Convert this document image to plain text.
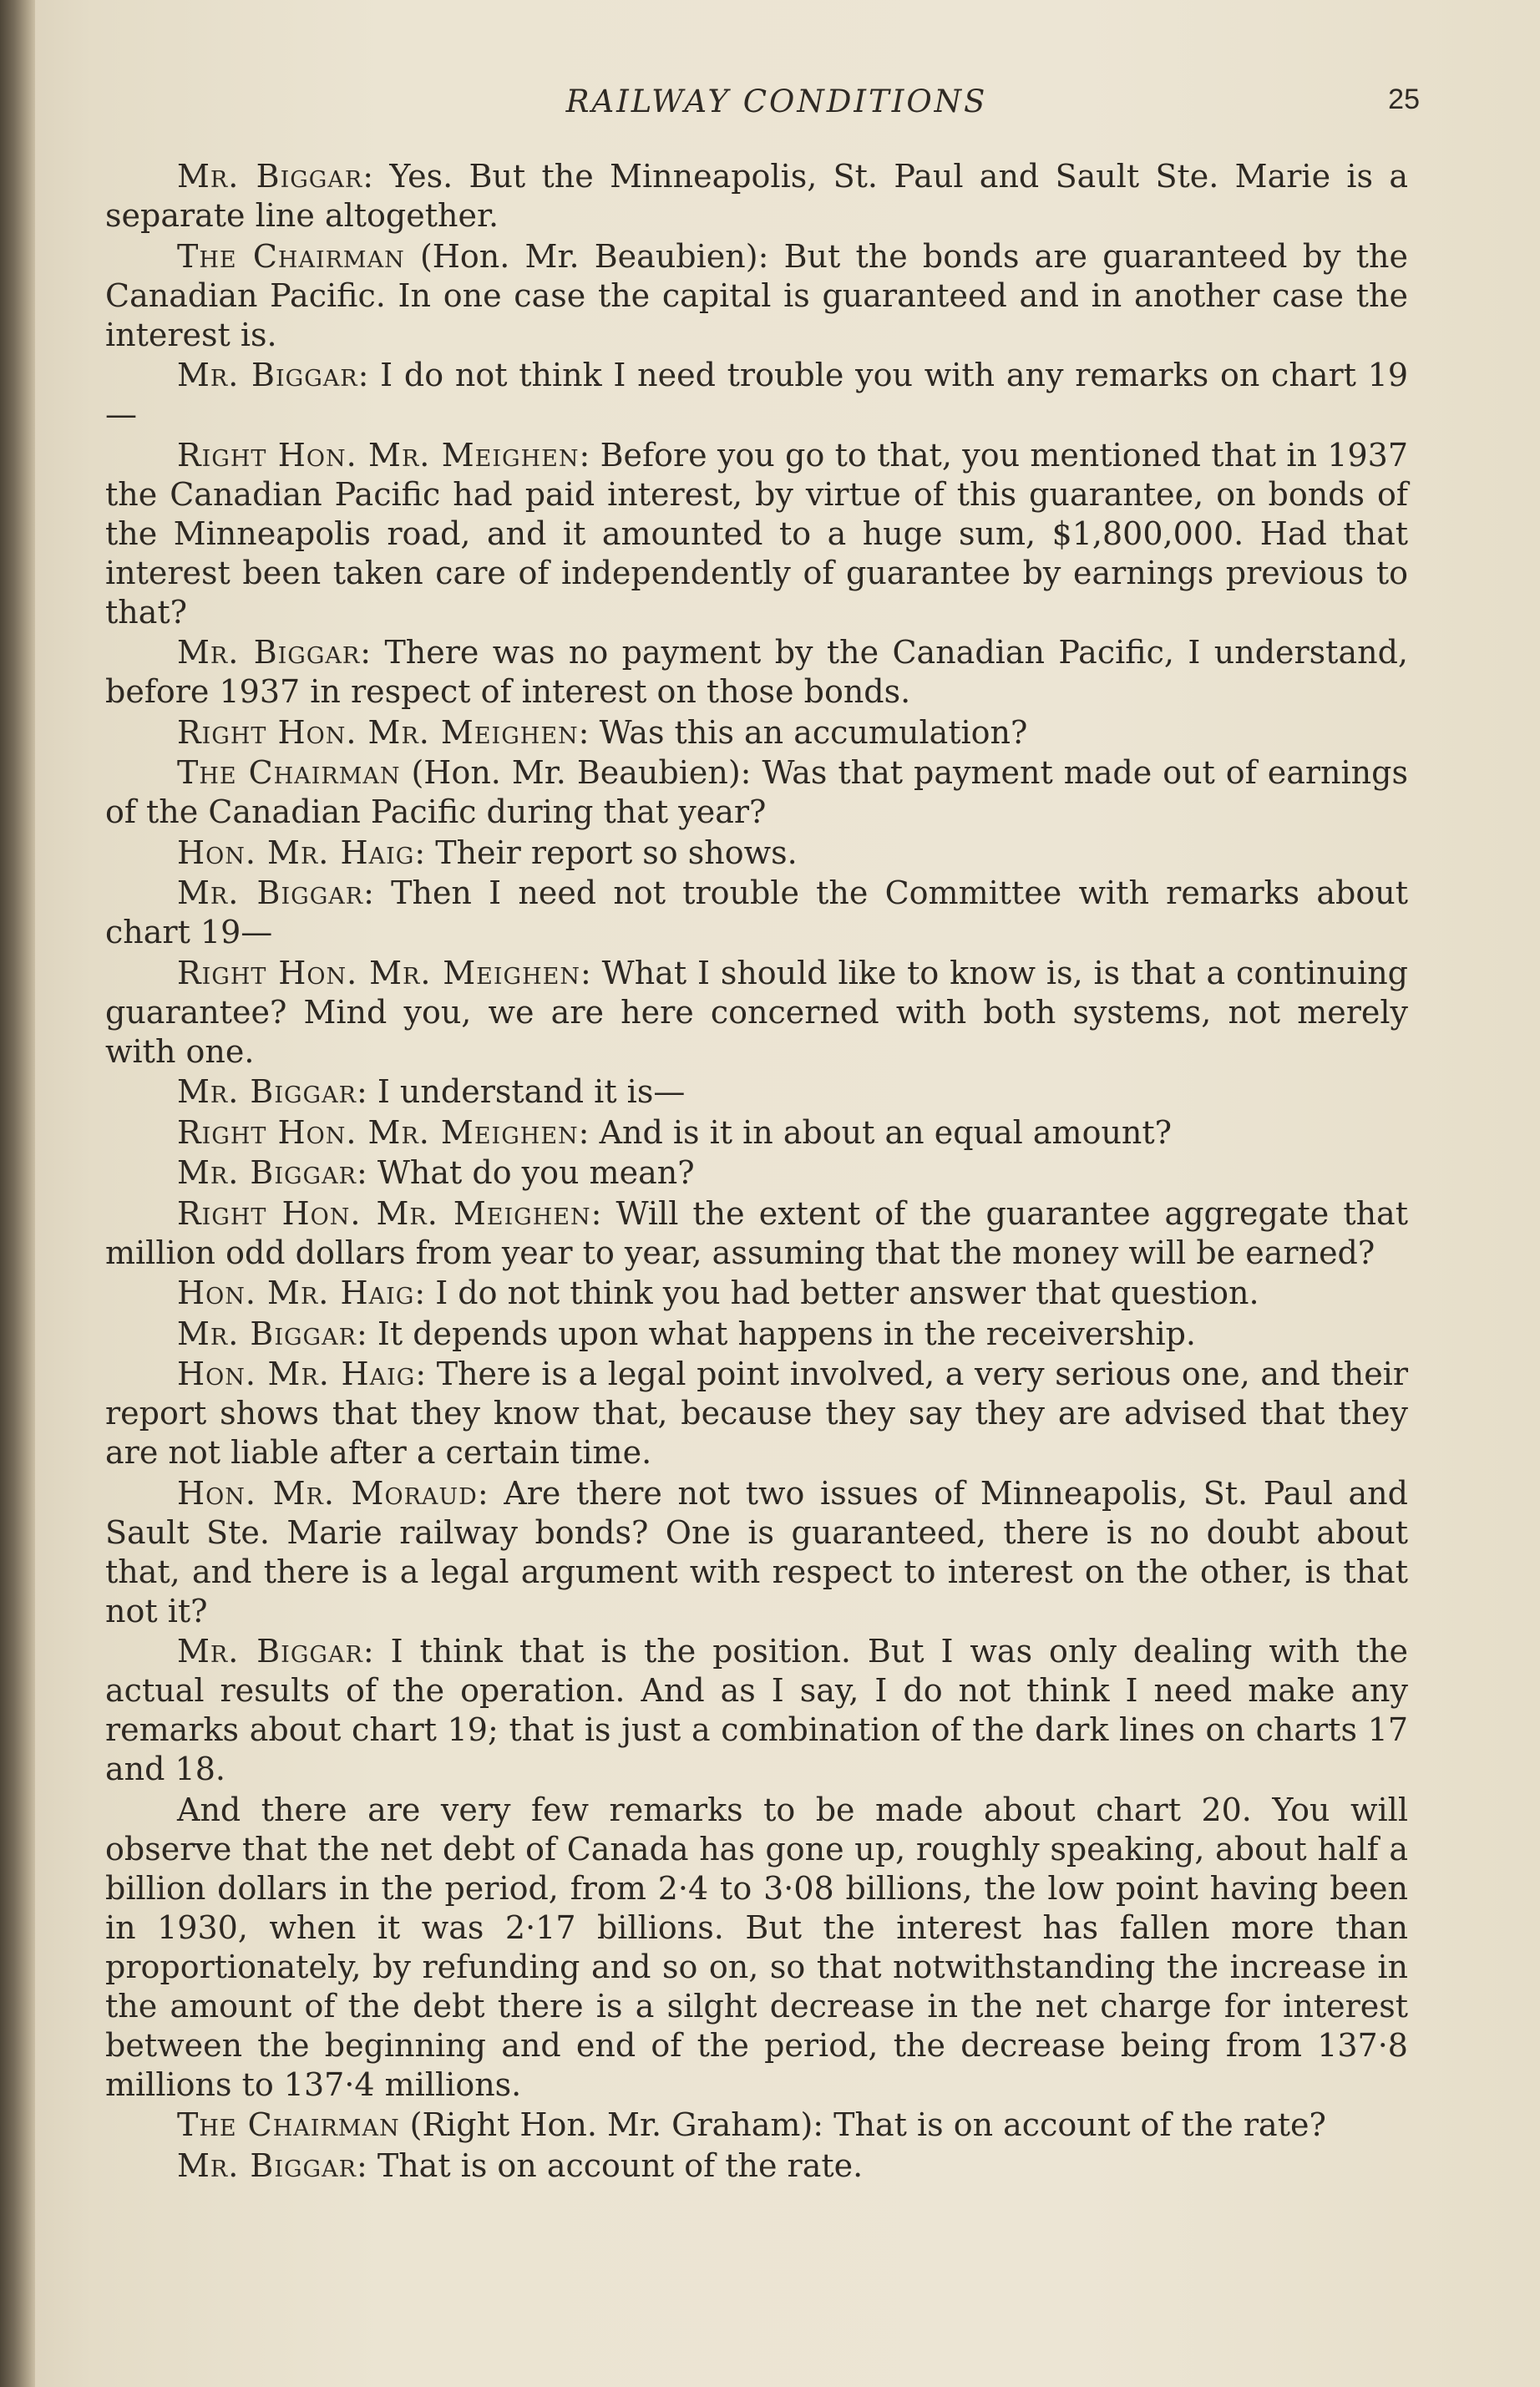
RAILWAY CONDITIONS	25

Mr. Biggar: Yes. But the Minneapolis, St. Paul and Sault Ste. Marie is a separate line altogether.

The Chairman (Hon. Mr. Beaubien): But the bonds are guaranteed by the Canadian Pacific. In one case the capital is guaranteed and in another case the interest is.

Mr. Biggar: I do not think I need trouble you with any remarks on chart 19—

Right Hon. Mr. Meighen: Before you go to that, you mentioned that in 1937 the Canadian Pacific had paid interest, by virtue of this guarantee, on bonds of the Minneapolis road, and it amounted to a huge sum, $1,800,000. Had that interest been taken care of independently of guarantee by earnings previous to that?

Mr. Biggar: There was no payment by the Canadian Pacific, I understand, before 1937 in respect of interest on those bonds.

Right Hon. Mr. Meighen: Was this an accumulation?

The Chairman (Hon. Mr. Beaubien): Was that payment made out of earnings of the Canadian Pacific during that year?

Hon. Mr. Haig: Their report so shows.

Mr. Biggar: Then I need not trouble the Committee with remarks about chart 19—

Right Hon. Mr. Meighen: What I should like to know is, is that a continuing guarantee? Mind you, we are here concerned with both systems, not merely with one.

Mr. Biggar: I understand it is—

Right Hon. Mr. Meighen: And is it in about an equal amount?

Mr. Biggar: What do you mean?

Right Hon. Mr. Meighen: Will the extent of the guarantee aggregate that million odd dollars from year to year, assuming that the money will be earned?

Hon. Mr. Haig: I do not think you had better answer that question.

Mr. Biggar: It depends upon what happens in the receivership.

Hon. Mr. Haig: There is a legal point involved, a very serious one, and their report shows that they know that, because they say they are advised that they are not liable after a certain time.

Hon. Mr. Moraud: Are there not two issues of Minneapolis, St. Paul and Sault Ste. Marie railway bonds? One is guaranteed, there is no doubt about that, and there is a legal argument with respect to interest on the other, is that not it?

Mr. Biggar: I think that is the position. But I was only dealing with the actual results of the operation. And as I say, I do not think I need make any remarks about chart 19; that is just a combination of the dark lines on charts 17 and 18.

And there are very few remarks to be made about chart 20. You will observe that the net debt of Canada has gone up, roughly speaking, about half a billion dollars in the period, from 2·4 to 3·08 billions, the low point having been in 1930, when it was 2·17 billions. But the interest has fallen more than proportionately, by refunding and so on, so that notwithstanding the increase in the amount of the debt there is a silght decrease in the net charge for interest between the beginning and end of the period, the decrease being from 137·8 millions to 137·4 millions.

The Chairman (Right Hon. Mr. Graham): That is on account of the rate?

Mr. Biggar: That is on account of the rate.
